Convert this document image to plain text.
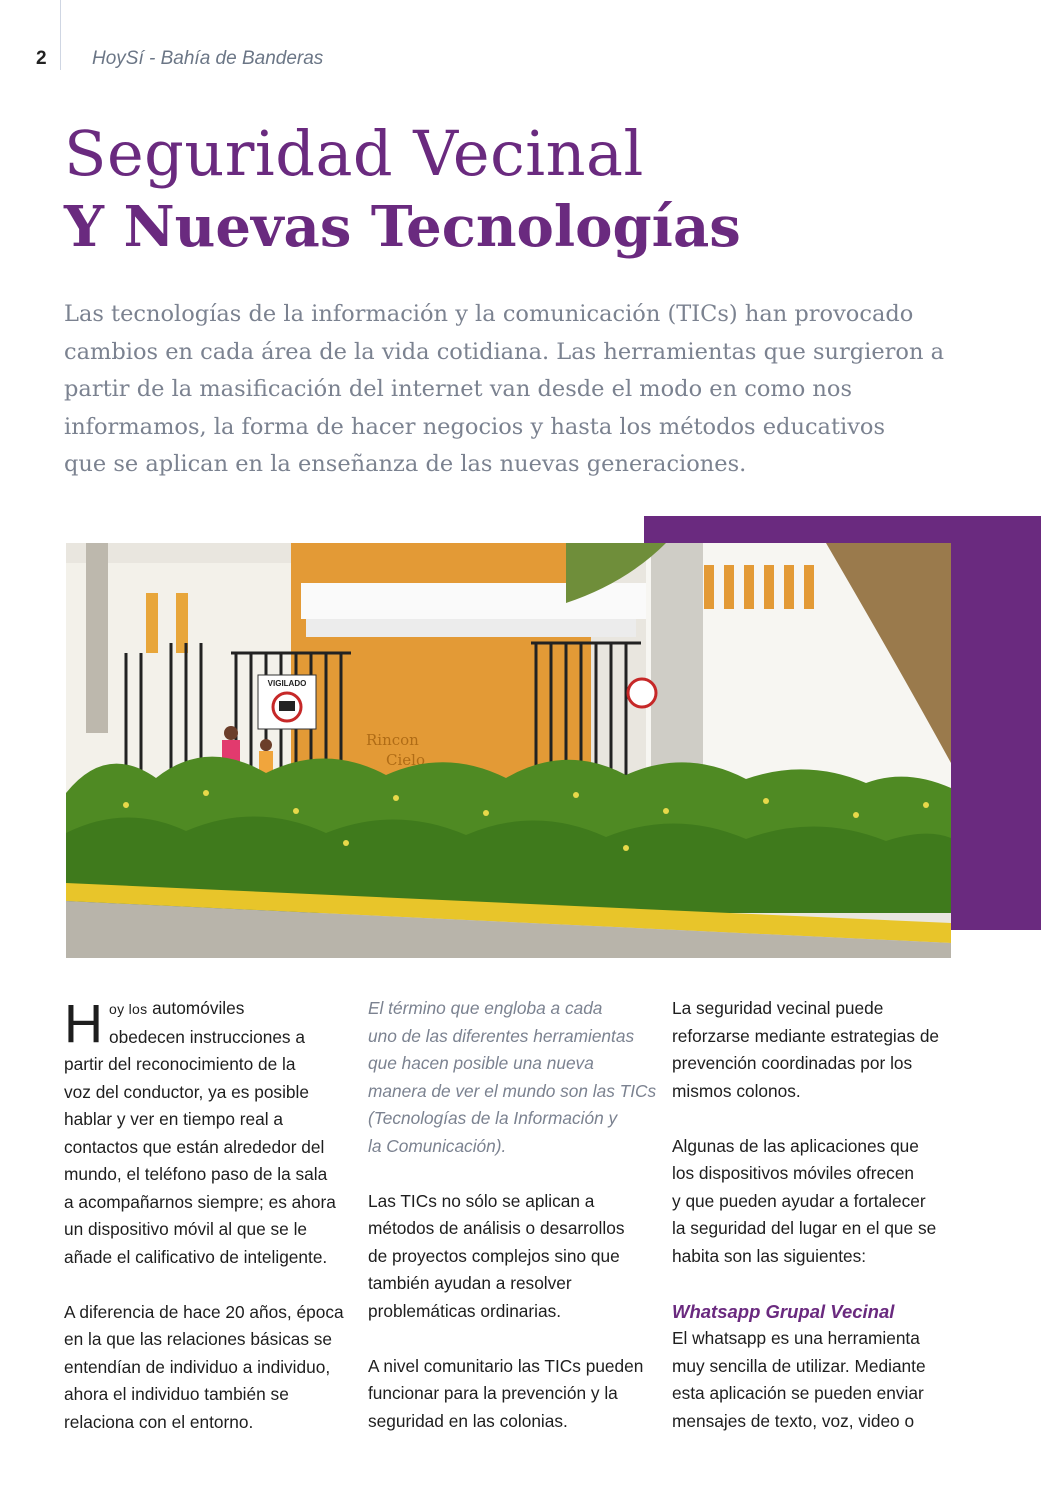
2 HoySí - Bahía de Banderas
Seguridad Vecinal
Y Nuevas Tecnologías

Las tecnologías de la información y la comunicación (TICs) han provocado
cambios en cada área de la vida cotidiana. Las herramientas que surgieron a
partir de la masificación del internet van desde el modo en como nos
informamos, la forma de hacer negocios y hasta los métodos educativos
que se aplican en la enseñanza de las nuevas generaciones.

VIGILADO
Rincon
Cielo

H oy los automóviles
obedecen instrucciones a
partir del reconocimiento de la
voz del conductor, ya es posible
hablar y ver en tiempo real a
contactos que están alrededor del
mundo, el teléfono paso de la sala
a acompañarnos siempre; es ahora
un dispositivo móvil al que se le
añade el calificativo de inteligente.

A diferencia de hace 20 años, época
en la que las relaciones básicas se
entendían de individuo a individuo,
ahora el individuo también se
relaciona con el entorno.

El término que engloba a cada
uno de las diferentes herramientas
que hacen posible una nueva
manera de ver el mundo son las TICs
(Tecnologías de la Información y
la Comunicación).

Las TICs no sólo se aplican a
métodos de análisis o desarrollos
de proyectos complejos sino que
también ayudan a resolver
problemáticas ordinarias.

A nivel comunitario las TICs pueden
funcionar para la prevención y la
seguridad en las colonias.

La seguridad vecinal puede
reforzarse mediante estrategias de
prevención coordinadas por los
mismos colonos.

Algunas de las aplicaciones que
los dispositivos móviles ofrecen
y que pueden ayudar a fortalecer
la seguridad del lugar en el que se
habita son las siguientes:

Whatsapp Grupal Vecinal
El whatsapp es una herramienta
muy sencilla de utilizar. Mediante
esta aplicación se pueden enviar
mensajes de texto, voz, video o
